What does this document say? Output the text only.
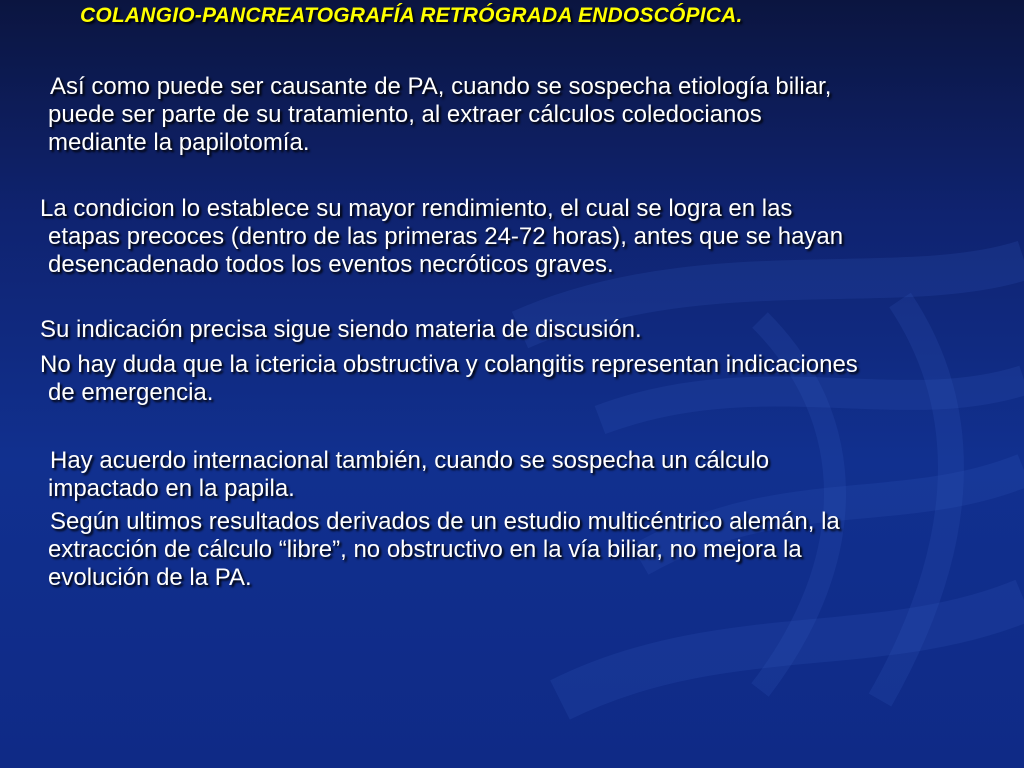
COLANGIO-PANCREATOGRAFÍA RETRÓGRADA ENDOSCÓPICA.

Así como puede ser causante de PA, cuando se sospecha etiología biliar,
puede ser parte de su tratamiento, al extraer cálculos coledocianos
mediante la papilotomía.

La condicion lo establece su mayor rendimiento, el cual se logra en las
etapas precoces (dentro de las primeras 24-72 horas), antes que se hayan
desencadenado todos los eventos necróticos graves.

Su indicación precisa sigue siendo materia de discusión.

No hay duda que la ictericia obstructiva y colangitis representan indicaciones
de emergencia.

Hay acuerdo internacional también, cuando se sospecha un cálculo
impactado en la papila.

Según ultimos resultados derivados de un estudio multicéntrico alemán, la
extracción de cálculo “libre”, no obstructivo en la vía biliar, no mejora la
evolución de la PA.
